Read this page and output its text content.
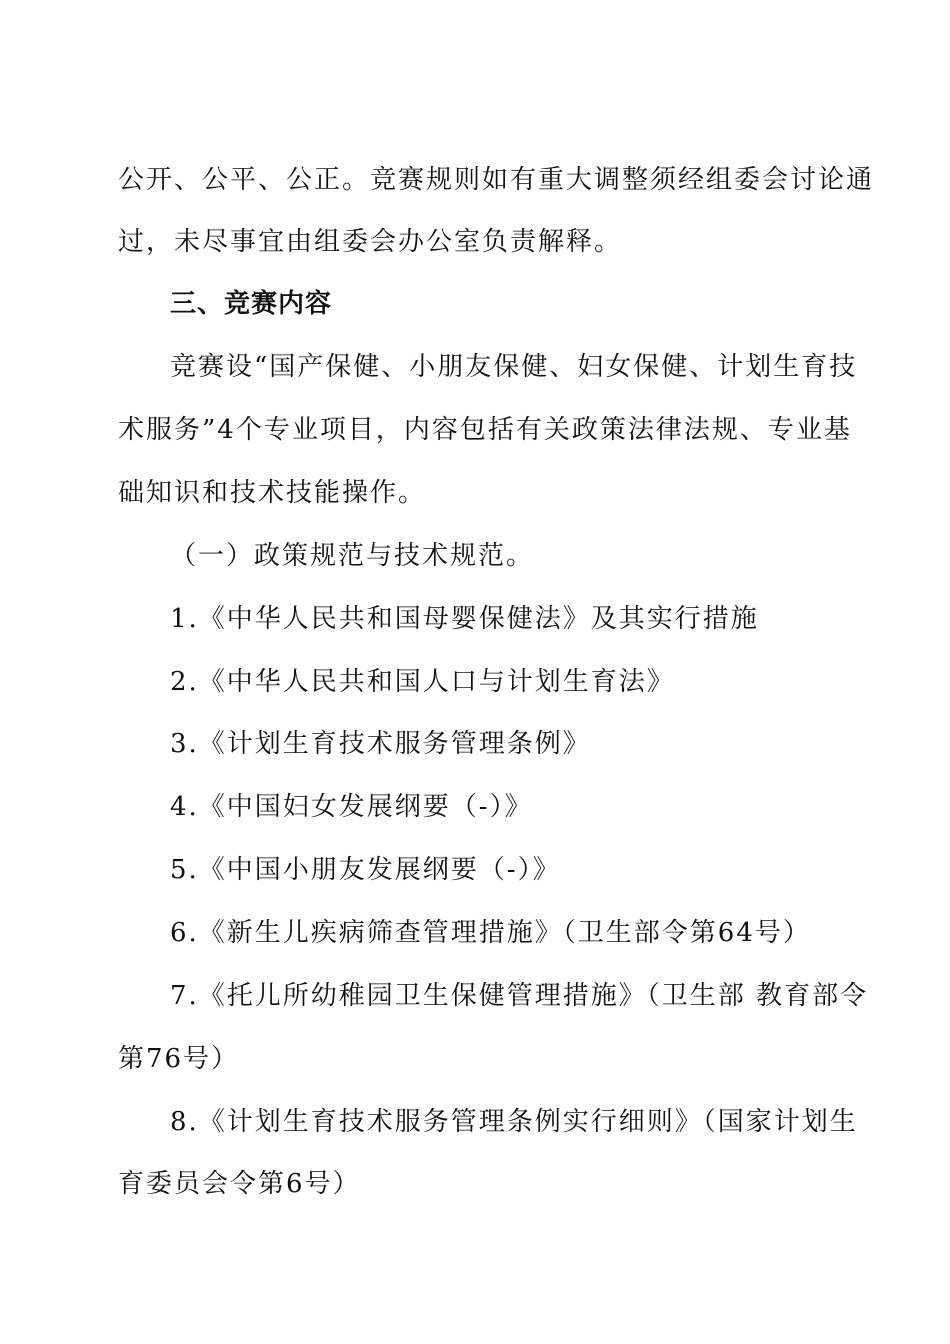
公开、公平、公正。竞赛规则如有重大调整须经组委会讨论通

过，未尽事宜由组委会办公室负责解释。

三、竞赛内容

竞赛设“国产保健、小朋友保健、妇女保健、计划生育技

术服务”4个专业项目，内容包括有关政策法律法规、专业基

础知识和技术技能操作。

（一）政策规范与技术规范。

1.《中华人民共和国母婴保健法》及其实行措施

2.《中华人民共和国人口与计划生育法》

3.《计划生育技术服务管理条例》

4.《中国妇女发展纲要（-）》

5.《中国小朋友发展纲要（-）》

6.《新生儿疾病筛查管理措施》（卫生部令第64号）

7.《托儿所幼稚园卫生保健管理措施》（卫生部 教育部令

第76号）

8.《计划生育技术服务管理条例实行细则》（国家计划生

育委员会令第6号）
